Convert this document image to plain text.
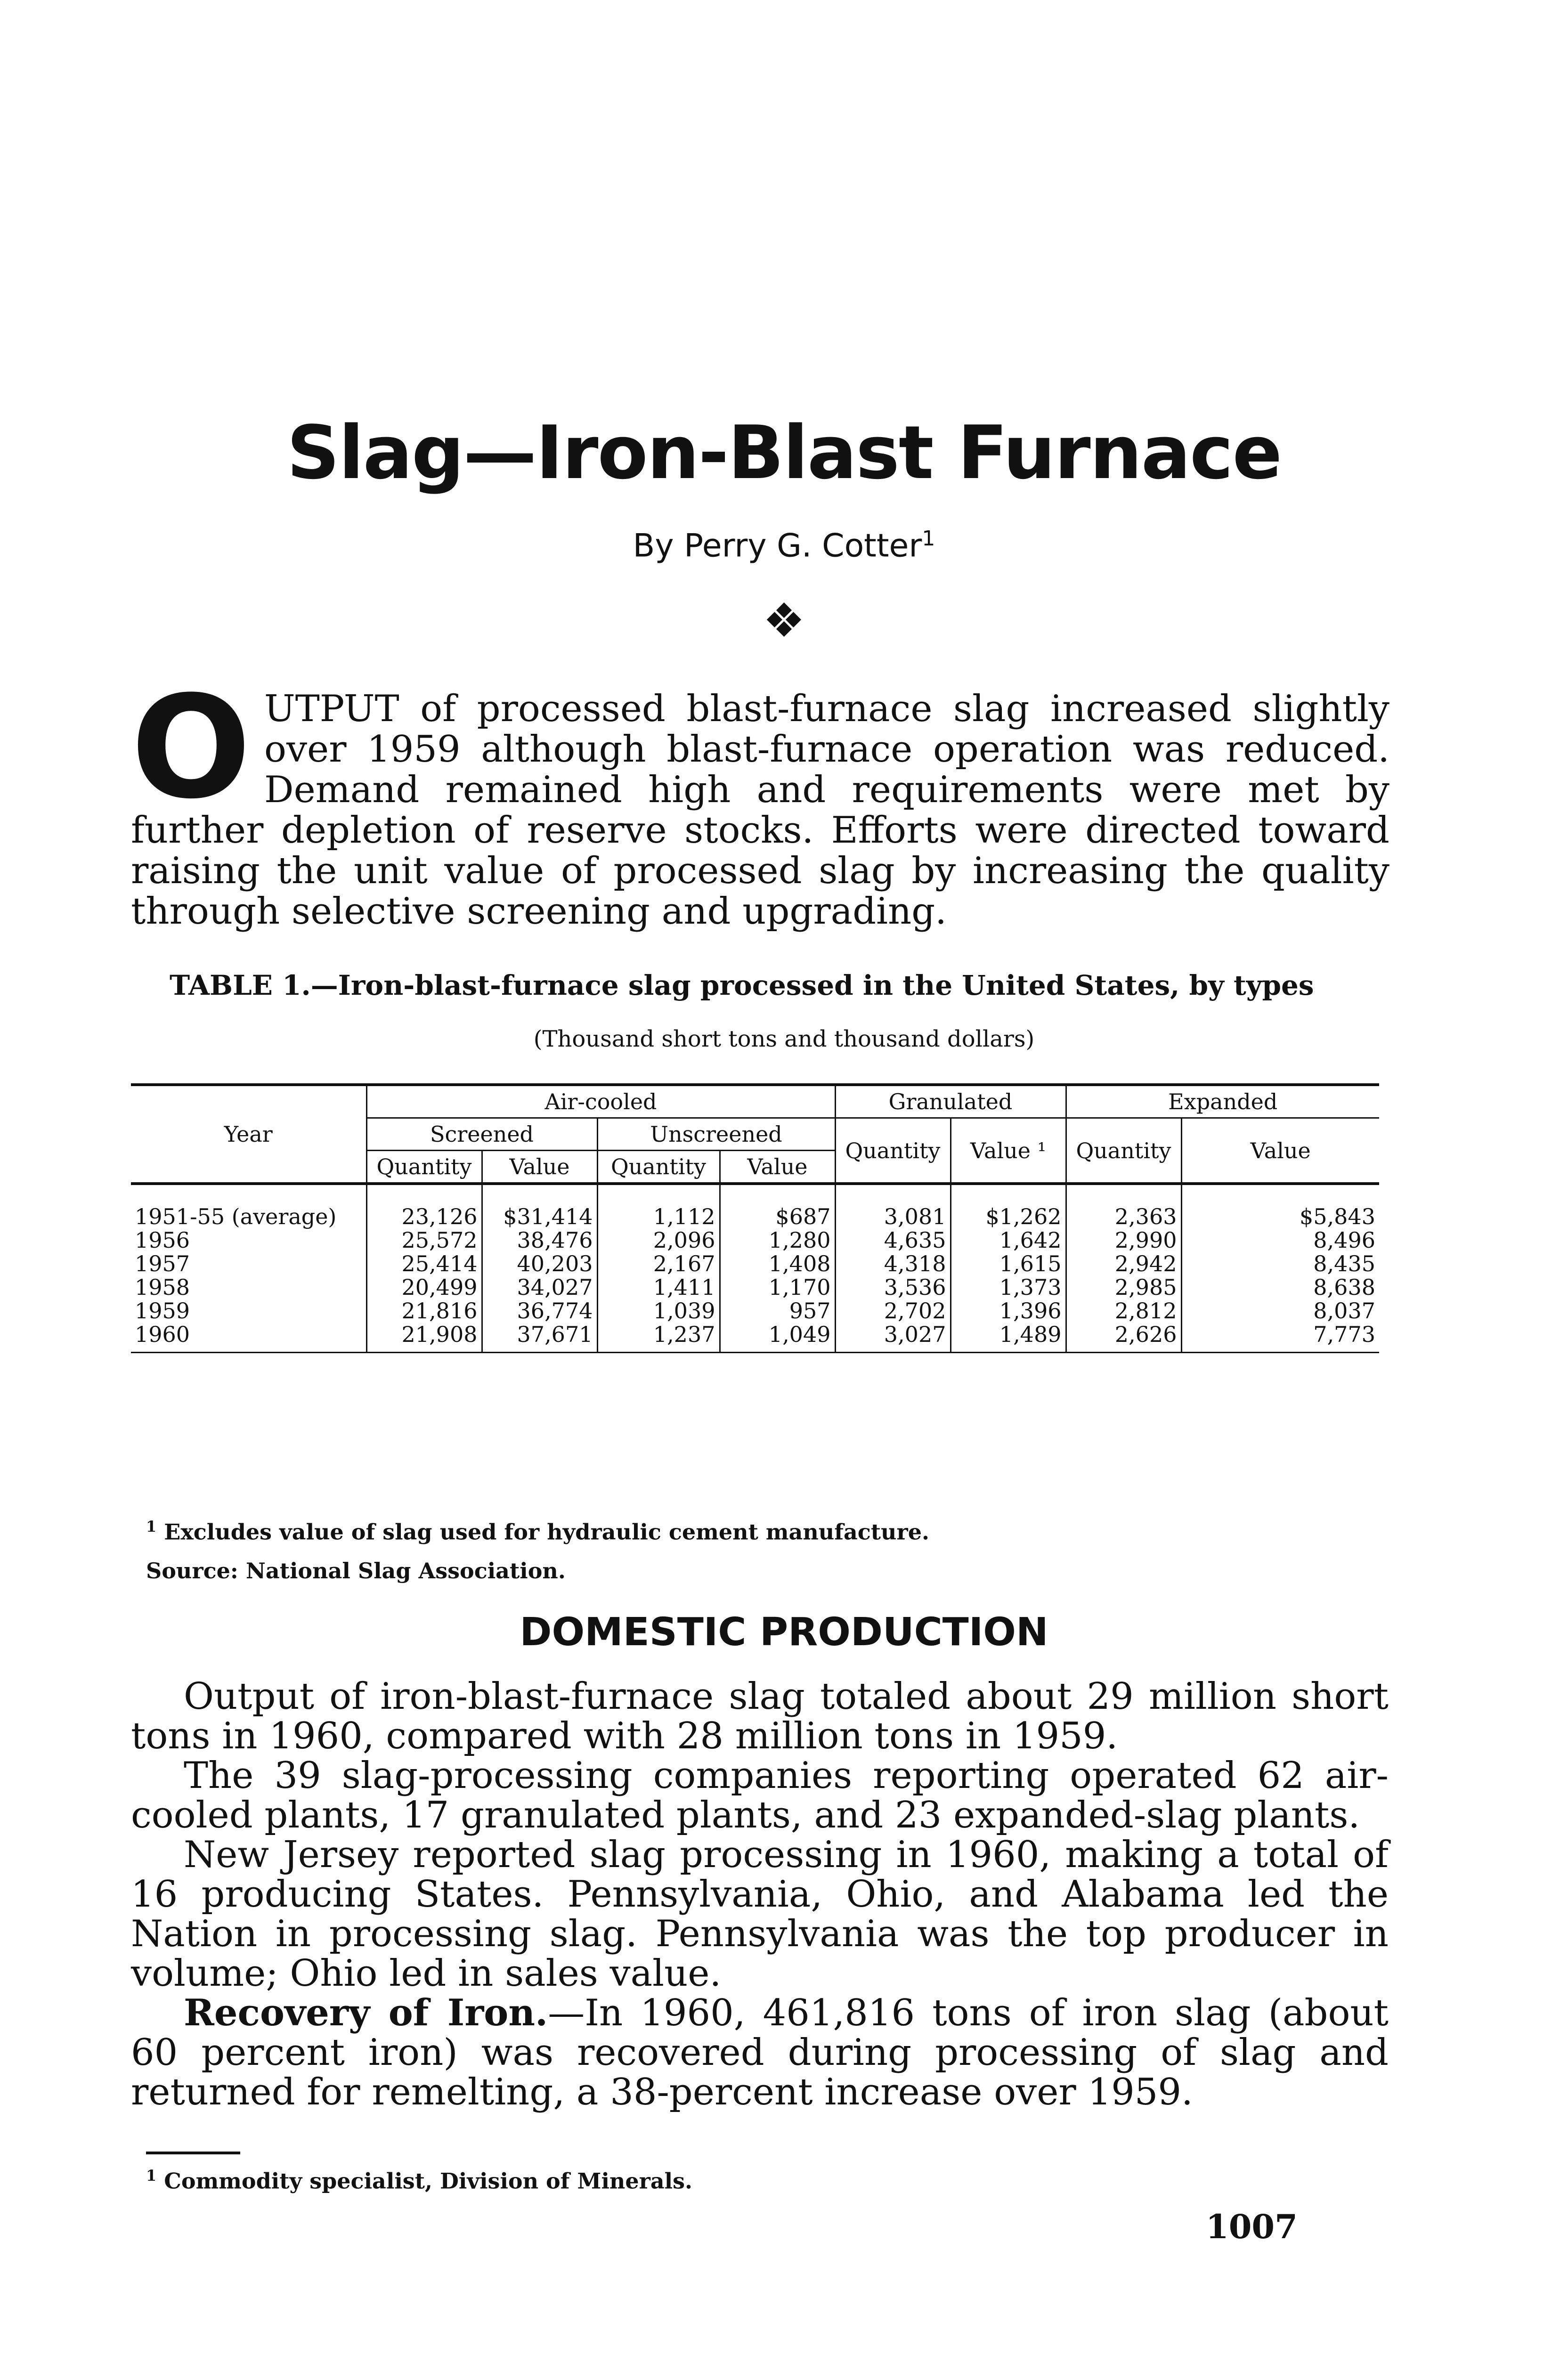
Slag—Iron-Blast Furnace
By Perry G. Cotter$^1$
❖
OUTPUT of processed blast-furnace slag increased slightly over 1959 although blast-furnace operation was reduced. Demand remained high and requirements were met by further depletion of reserve stocks. Efforts were directed toward raising the unit value of processed slag by increasing the quality through selective screening and upgrading.
TABLE 1.—Iron-blast-furnace slag processed in the United States, by types
(Thousand short tons and thousand dollars)
Year	Air-cooled				Granulated		Expanded	
	Screened		Unscreened		Quantity	Value ¹	Quantity	Value
	Quantity	Value	Quantity	Value				
1951-55 (average)	23,126	$31,414	1,112	$687	3,081	$1,262	2,363	$5,843
1956	25,572	38,476	2,096	1,280	4,635	1,642	2,990	8,496
1957	25,414	40,203	2,167	1,408	4,318	1,615	2,942	8,435
1958	20,499	34,027	1,411	1,170	3,536	1,373	2,985	8,638
1959	21,816	36,774	1,039	957	2,702	1,396	2,812	8,037
1960	21,908	37,671	1,237	1,049	3,027	1,489	2,626	7,773
$^1$ Excludes value of slag used for hydraulic cement manufacture.
Source: National Slag Association.
DOMESTIC PRODUCTION

Output of iron-blast-furnace slag totaled about 29 million short tons in 1960, compared with 28 million tons in 1959.

The 39 slag-processing companies reporting operated 62 air-cooled plants, 17 granulated plants, and 23 expanded-slag plants.

New Jersey reported slag processing in 1960, making a total of 16 producing States. Pennsylvania, Ohio, and Alabama led the Nation in processing slag. Pennsylvania was the top producer in volume; Ohio led in sales value.

Recovery of Iron.—In 1960, 461,816 tons of iron slag (about 60 percent iron) was recovered during processing of slag and returned for remelting, a 38-percent increase over 1959.

$^1$ Commodity specialist, Division of Minerals.
1007
